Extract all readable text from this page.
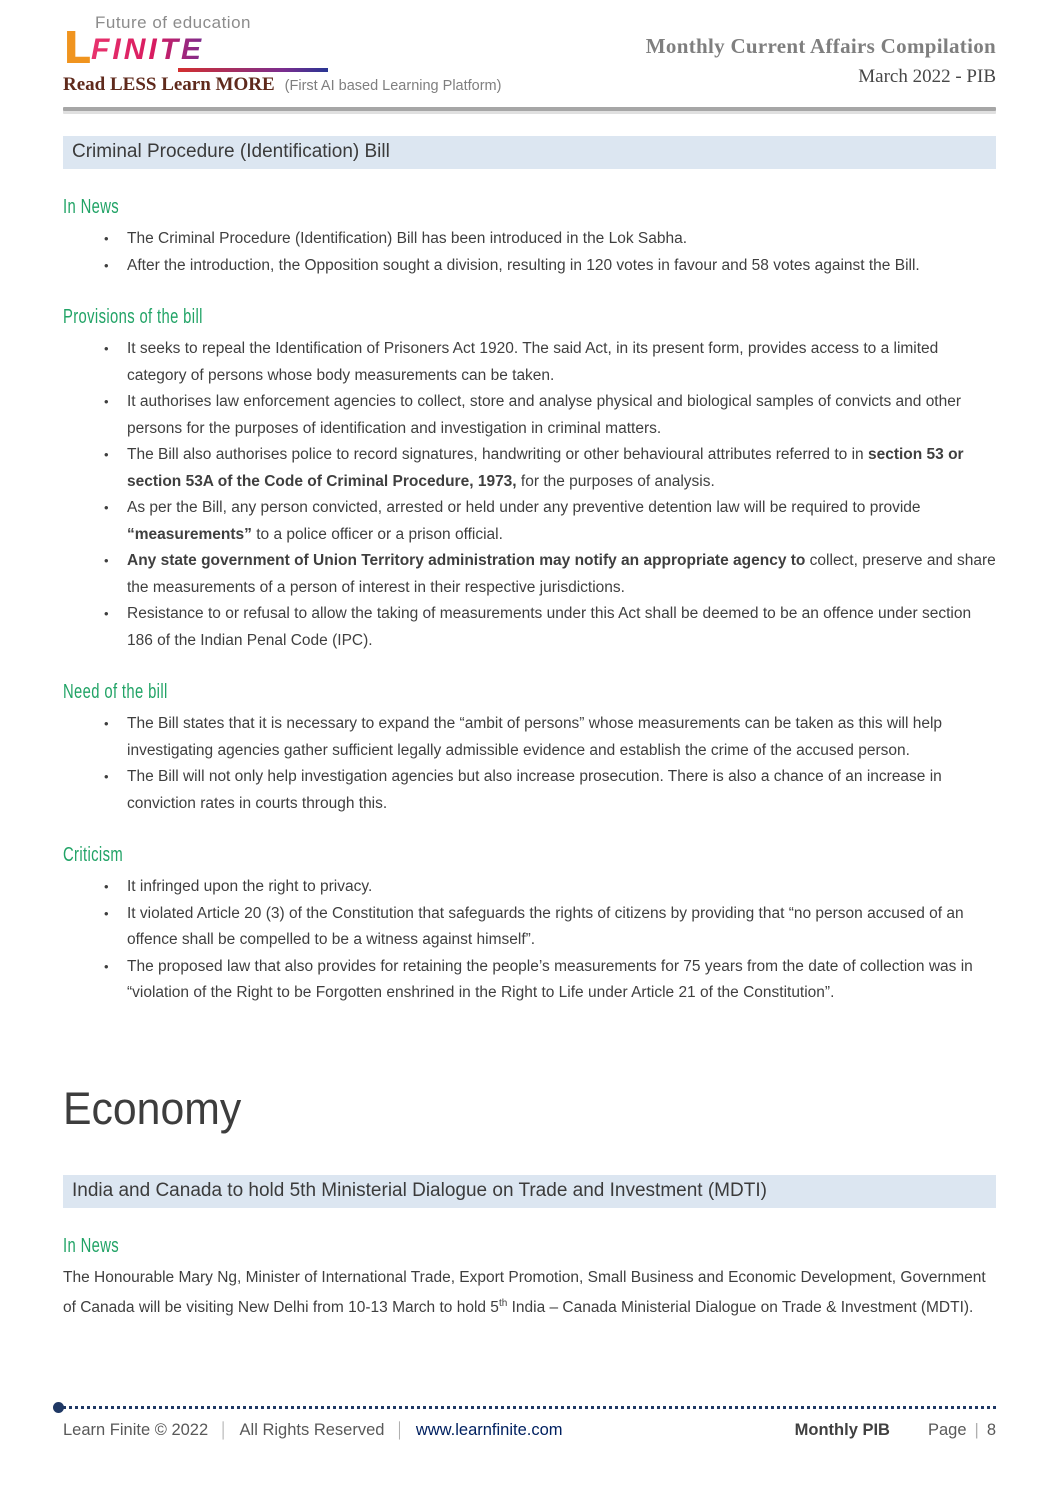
Future of education
L FINITE
Read LESS Learn MORE (First AI based Learning Platform)
Monthly Current Affairs Compilation
March 2022 - PIB
Criminal Procedure (Identification) Bill
In News
• The Criminal Procedure (Identification) Bill has been introduced in the Lok Sabha.
• After the introduction, the Opposition sought a division, resulting in 120 votes in favour and 58 votes against the Bill.
Provisions of the bill
• It seeks to repeal the Identification of Prisoners Act 1920. The said Act, in its present form, provides access to a limited category of persons whose body measurements can be taken.
• It authorises law enforcement agencies to collect, store and analyse physical and biological samples of convicts and other persons for the purposes of identification and investigation in criminal matters.
• The Bill also authorises police to record signatures, handwriting or other behavioural attributes referred to in section 53 or section 53A of the Code of Criminal Procedure, 1973, for the purposes of analysis.
• As per the Bill, any person convicted, arrested or held under any preventive detention law will be required to provide “measurements” to a police officer or a prison official.
• Any state government of Union Territory administration may notify an appropriate agency to collect, preserve and share the measurements of a person of interest in their respective jurisdictions.
• Resistance to or refusal to allow the taking of measurements under this Act shall be deemed to be an offence under section 186 of the Indian Penal Code (IPC).
Need of the bill
• The Bill states that it is necessary to expand the “ambit of persons” whose measurements can be taken as this will help investigating agencies gather sufficient legally admissible evidence and establish the crime of the accused person.
• The Bill will not only help investigation agencies but also increase prosecution. There is also a chance of an increase in conviction rates in courts through this.
Criticism
• It infringed upon the right to privacy.
• It violated Article 20 (3) of the Constitution that safeguards the rights of citizens by providing that “no person accused of an offence shall be compelled to be a witness against himself”.
• The proposed law that also provides for retaining the people’s measurements for 75 years from the date of collection was in “violation of the Right to be Forgotten enshrined in the Right to Life under Article 21 of the Constitution”.
Economy
India and Canada to hold 5th Ministerial Dialogue on Trade and Investment (MDTI)
In News

The Honourable Mary Ng, Minister of International Trade, Export Promotion, Small Business and Economic Development, Government of Canada will be visiting New Delhi from 10-13 March to hold 5th India – Canada Ministerial Dialogue on Trade & Investment (MDTI).

Learn Finite © 2022 │ All Rights Reserved │ www.learnfinite.com	Monthly PIB Page | 8
